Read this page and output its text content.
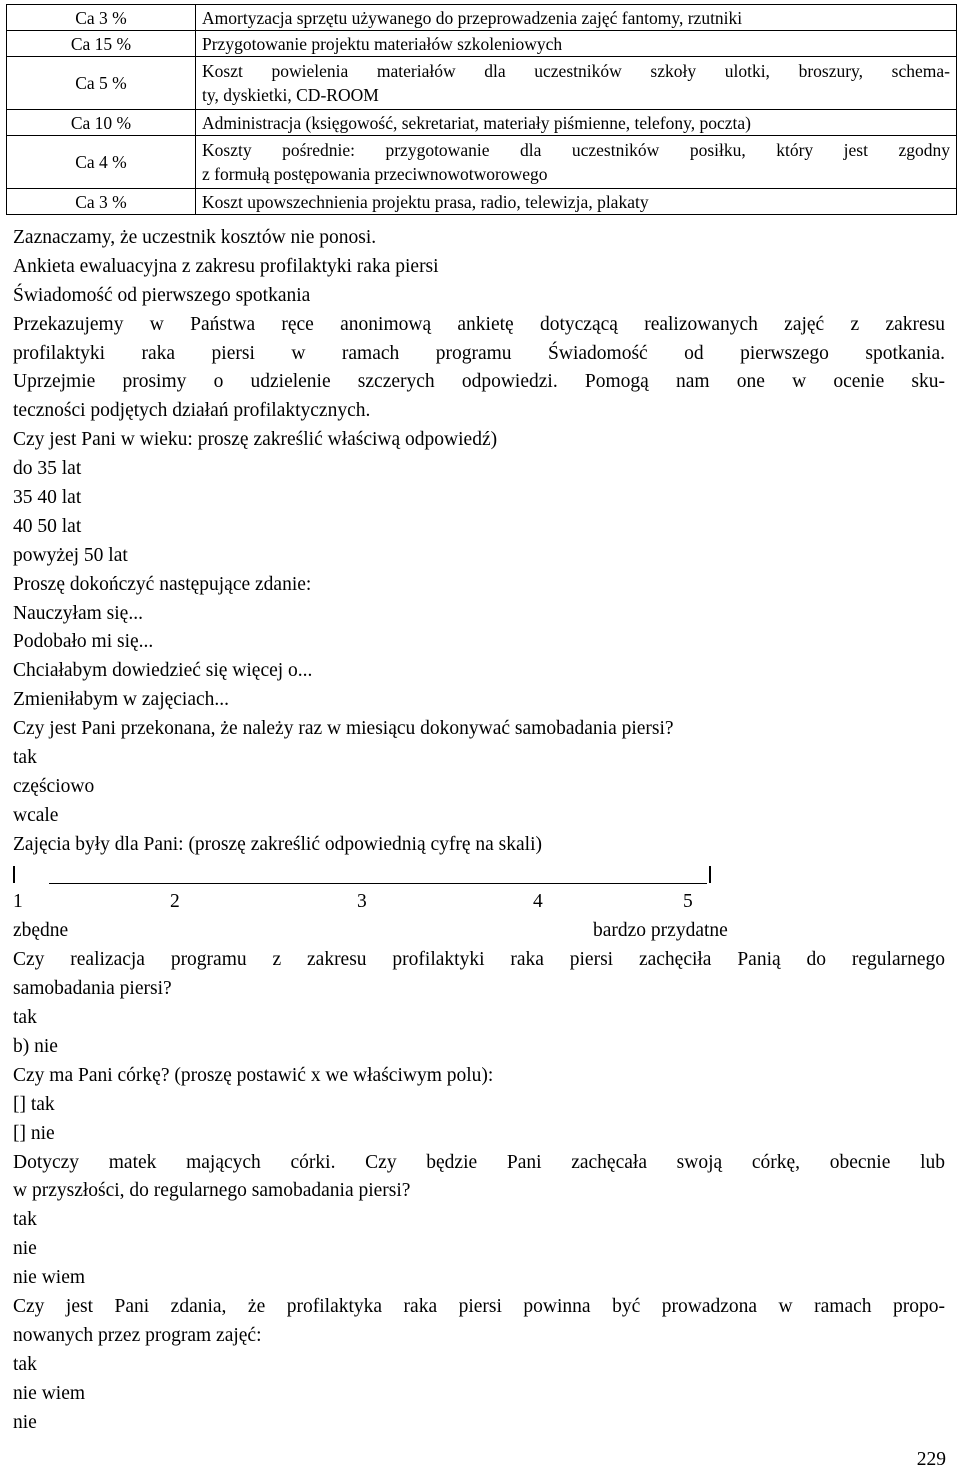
Ca 3 %	Amortyzacja sprzętu używanego do przeprowadzenia zajęć fantomy, rzutniki
Ca 15 %	Przygotowanie projektu materiałów szkoleniowych
Ca 5 %	Koszt powielenia materiałów dla uczestników szkoły ulotki, broszury, schema-
ty, dyskietki, CD-ROOM

Ca 10 %	Administracja (księgowość, sekretariat, materiały piśmienne, telefony, poczta)
Ca 4 %	Koszty pośrednie: przygotowanie dla uczestników posiłku, który jest zgodny
z formułą postępowania przeciwnowotworowego

Ca 3 %	Koszt upowszechnienia projektu prasa, radio, telewizja, plakaty
Zaznaczamy, że uczestnik kosztów nie ponosi.
Ankieta ewaluacyjna z zakresu profilaktyki raka piersi
Świadomość od pierwszego spotkania
Przekazujemy w Państwa ręce anonimową ankietę dotyczącą realizowanych zajęć z zakresu
profilaktyki raka piersi w ramach programu Świadomość od pierwszego spotkania.
Uprzejmie prosimy o udzielenie szczerych odpowiedzi. Pomogą nam one w ocenie sku-
teczności podjętych działań profilaktycznych.
Czy jest Pani w wieku: proszę zakreślić właściwą odpowiedź)
do 35 lat
35 40 lat
40 50 lat
powyżej 50 lat
Proszę dokończyć następujące zdanie:
Nauczyłam się...
Podobało mi się...
Chciałabym dowiedzieć się więcej o...
Zmieniłabym w zajęciach...
Czy jest Pani przekonana, że należy raz w miesiącu dokonywać samobadania piersi?
tak
częściowo
wcale
Zajęcia były dla Pani: (proszę zakreślić odpowiednią cyfrę na skali)
1	2	3	4	5
zbędne	bardzo przydatne
Czy realizacja programu z zakresu profilaktyki raka piersi zachęciła Panią do regularnego
samobadania piersi?
tak
b) nie
Czy ma Pani córkę? (proszę postawić x we właściwym polu):
[] tak
[] nie
Dotyczy matek mających córki. Czy będzie Pani zachęcała swoją córkę, obecnie lub
w przyszłości, do regularnego samobadania piersi?
tak
nie
nie wiem
Czy jest Pani zdania, że profilaktyka raka piersi powinna być prowadzona w ramach propo-
nowanych przez program zajęć:
tak
nie wiem
nie
229
